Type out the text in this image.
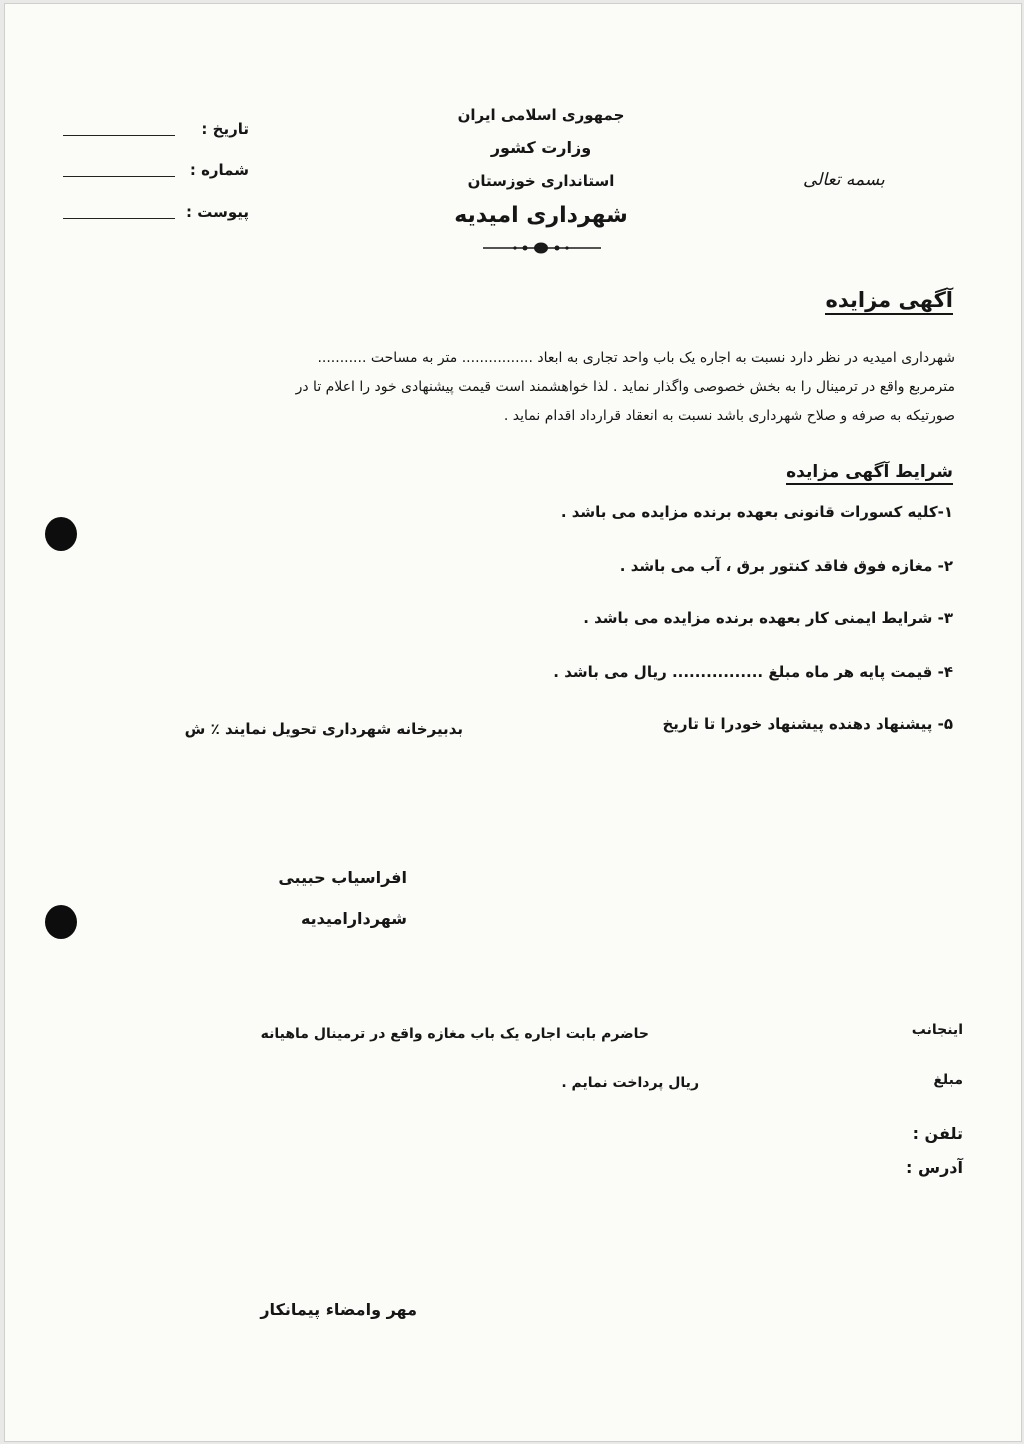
جمهوری اسلامی ایران
وزارت کشور
استانداری خوزستان
شهرداری امیدیه
بسمه تعالی
تاریخ :
شماره :
پیوست :
آگهی مزایده
شهرداری امیدیه در نظر دارد نسبت به اجاره یک باب واحد تجاری به ابعاد ................ متر به مساحت ...........
مترمربع واقع در ترمینال را به بخش خصوصی واگذار نماید . لذا خواهشمند است قیمت پیشنهادی خود را اعلام تا در
صورتیکه به صرفه و صلاح شهرداری باشد نسبت به انعقاد قرارداد اقدام نماید .
شرایط آگهی مزایده
۱-کلیه کسورات قانونی بعهده برنده مزایده می باشد .
۲- مغازه فوق فاقد کنتور برق ، آب می باشد .
۳- شرایط ایمنی کار بعهده برنده مزایده می باشد .
۴- قیمت پایه هر ماه مبلغ ................ ریال می باشد .
۵- پیشنهاد دهنده پیشنهاد خودرا تا تاریخ
بدبیرخانه شهرداری تحویل نمایند ٪ ش
افراسیاب حبیبی
شهردارامیدیه
اینجانب
حاضرم بابت اجاره یک باب مغازه واقع در ترمینال ماهیانه
مبلغ
ریال پرداخت نمایم .
تلفن :
آدرس :
مهر وامضاء پیمانکار
